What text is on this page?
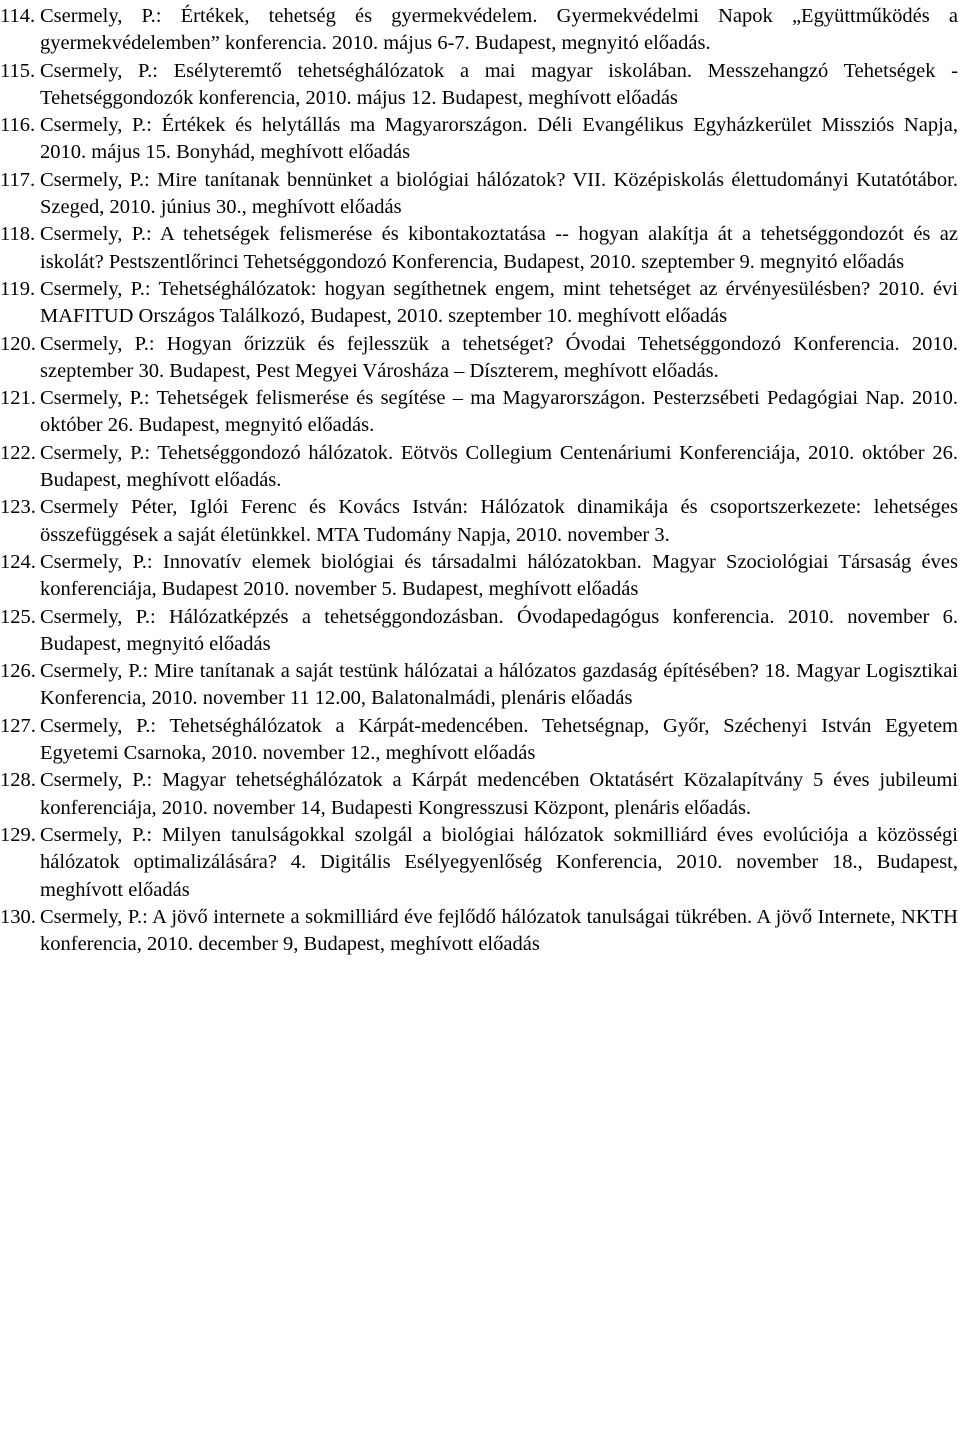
114. Csermely, P.: Értékek, tehetség és gyermekvédelem. Gyermekvédelmi Napok „Együttműködés a gyermekvédelemben” konferencia. 2010. május 6-7. Budapest, megnyitó előadás.
115. Csermely, P.: Esélyteremtő tehetséghálózatok a mai magyar iskolában. Messzehangzó Tehetségek - Tehetséggondozók konferencia, 2010. május 12. Budapest, meghívott előadás
116. Csermely, P.: Értékek és helytállás ma Magyarországon. Déli Evangélikus Egyházkerület Missziós Napja, 2010. május 15. Bonyhád, meghívott előadás
117. Csermely, P.: Mire tanítanak bennünket a biológiai hálózatok? VII. Középiskolás élettudományi Kutatótábor. Szeged, 2010. június 30., meghívott előadás
118. Csermely, P.: A tehetségek felismerése és kibontakoztatása -- hogyan alakítja át a tehetséggondozót és az iskolát? Pestszentlőrinci Tehetséggondozó Konferencia, Budapest, 2010. szeptember 9. megnyitó előadás
119. Csermely, P.: Tehetséghálózatok: hogyan segíthetnek engem, mint tehetséget az érvényesülésben? 2010. évi MAFITUD Országos Találkozó, Budapest, 2010. szeptember 10. meghívott előadás
120. Csermely, P.: Hogyan őrizzük és fejlesszük a tehetséget? Óvodai Tehetséggondozó Konferencia. 2010. szeptember 30. Budapest, Pest Megyei Városháza – Díszterem, meghívott előadás.
121. Csermely, P.: Tehetségek felismerése és segítése – ma Magyarországon. Pesterzsébeti Pedagógiai Nap. 2010. október 26. Budapest, megnyitó előadás.
122. Csermely, P.: Tehetséggondozó hálózatok. Eötvös Collegium Centenáriumi Konferenciája, 2010. október 26. Budapest, meghívott előadás.
123. Csermely Péter, Iglói Ferenc és Kovács István: Hálózatok dinamikája és csoportszerkezete: lehetséges összefüggések a saját életünkkel. MTA Tudomány Napja, 2010. november 3.
124. Csermely, P.: Innovatív elemek biológiai és társadalmi hálózatokban. Magyar Szociológiai Társaság éves konferenciája, Budapest 2010. november 5. Budapest, meghívott előadás
125. Csermely, P.: Hálózatképzés a tehetséggondozásban. Óvodapedagógus konferencia. 2010. november 6. Budapest, megnyitó előadás
126. Csermely, P.: Mire tanítanak a saját testünk hálózatai a hálózatos gazdaság építésében? 18. Magyar Logisztikai Konferencia, 2010. november 11 12.00, Balatonalmádi, plenáris előadás
127. Csermely, P.: Tehetséghálózatok a Kárpát-medencében. Tehetségnap, Győr, Széchenyi István Egyetem Egyetemi Csarnoka, 2010. november 12., meghívott előadás
128. Csermely, P.: Magyar tehetséghálózatok a Kárpát medencében Oktatásért Közalapítvány 5 éves jubileumi konferenciája, 2010. november 14, Budapesti Kongresszusi Központ, plenáris előadás.
129. Csermely, P.: Milyen tanulságokkal szolgál a biológiai hálózatok sokmilliárd éves evolúciója a közösségi hálózatok optimalizálására? 4. Digitális Esélyegyenlőség Konferencia, 2010. november 18., Budapest, meghívott előadás
130. Csermely, P.: A jövő internete a sokmilliárd éve fejlődő hálózatok tanulságai tükrében. A jövő Internete, NKTH konferencia, 2010. december 9, Budapest, meghívott előadás
